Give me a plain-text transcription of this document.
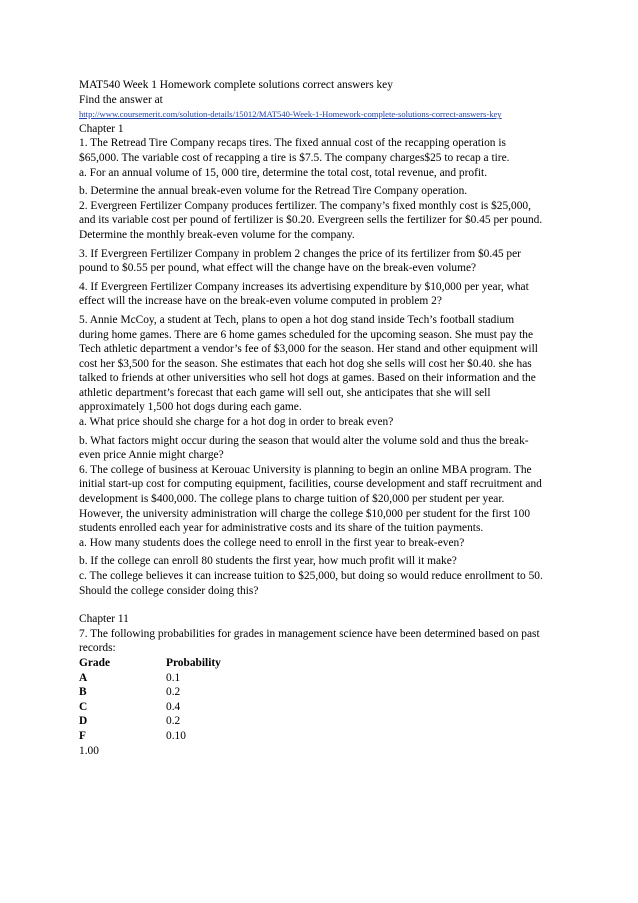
MAT540 Week 1 Homework complete solutions correct answers key
Find the answer at
http://www.coursemerit.com/solution-details/15012/MAT540-Week-1-Homework-complete-solutions-correct-answers-key
Chapter 1
1. The Retread Tire Company recaps tires. The fixed annual cost of the recapping operation is
$65,000. The variable cost of recapping a tire is $7.5. The company charges$25 to recap a tire.
a. For an annual volume of 15, 000 tire, determine the total cost, total revenue, and profit.
b. Determine the annual break-even volume for the Retread Tire Company operation.
2. Evergreen Fertilizer Company produces fertilizer. The company’s fixed monthly cost is $25,000,
and its variable cost per pound of fertilizer is $0.20. Evergreen sells the fertilizer for $0.45 per pound.
Determine the monthly break-even volume for the company.
3. If Evergreen Fertilizer Company in problem 2 changes the price of its fertilizer from $0.45 per
pound to $0.55 per pound, what effect will the change have on the break-even volume?
4. If Evergreen Fertilizer Company increases its advertising expenditure by $10,000 per year, what
effect will the increase have on the break-even volume computed in problem 2?
5. Annie McCoy, a student at Tech, plans to open a hot dog stand inside Tech’s football stadium
during home games. There are 6 home games scheduled for the upcoming season. She must pay the
Tech athletic department a vendor’s fee of $3,000 for the season. Her stand and other equipment will
cost her $3,500 for the season. She estimates that each hot dog she sells will cost her $0.40. she has
talked to friends at other universities who sell hot dogs at games. Based on their information and the
athletic department’s forecast that each game will sell out, she anticipates that she will sell
approximately 1,500 hot dogs during each game.
a. What price should she charge for a hot dog in order to break even?
b. What factors might occur during the season that would alter the volume sold and thus the break-
even price Annie might charge?
6. The college of business at Kerouac University is planning to begin an online MBA program. The
initial start-up cost for computing equipment, facilities, course development and staff recruitment and
development is $400,000. The college plans to charge tuition of $20,000 per student per year.
However, the university administration will charge the college $10,000 per student for the first 100
students enrolled each year for administrative costs and its share of the tuition payments.
a. How many students does the college need to enroll in the first year to break-even?
b. If the college can enroll 80 students the first year, how much profit will it make?
c. The college believes it can increase tuition to $25,000, but doing so would reduce enrollment to 50.
Should the college consider doing this?
Chapter 11
7. The following probabilities for grades in management science have been determined based on past
records:
Grade	Probability
A	0.1
B	0.2
C	0.4
D	0.2
F	0.10
1.00
